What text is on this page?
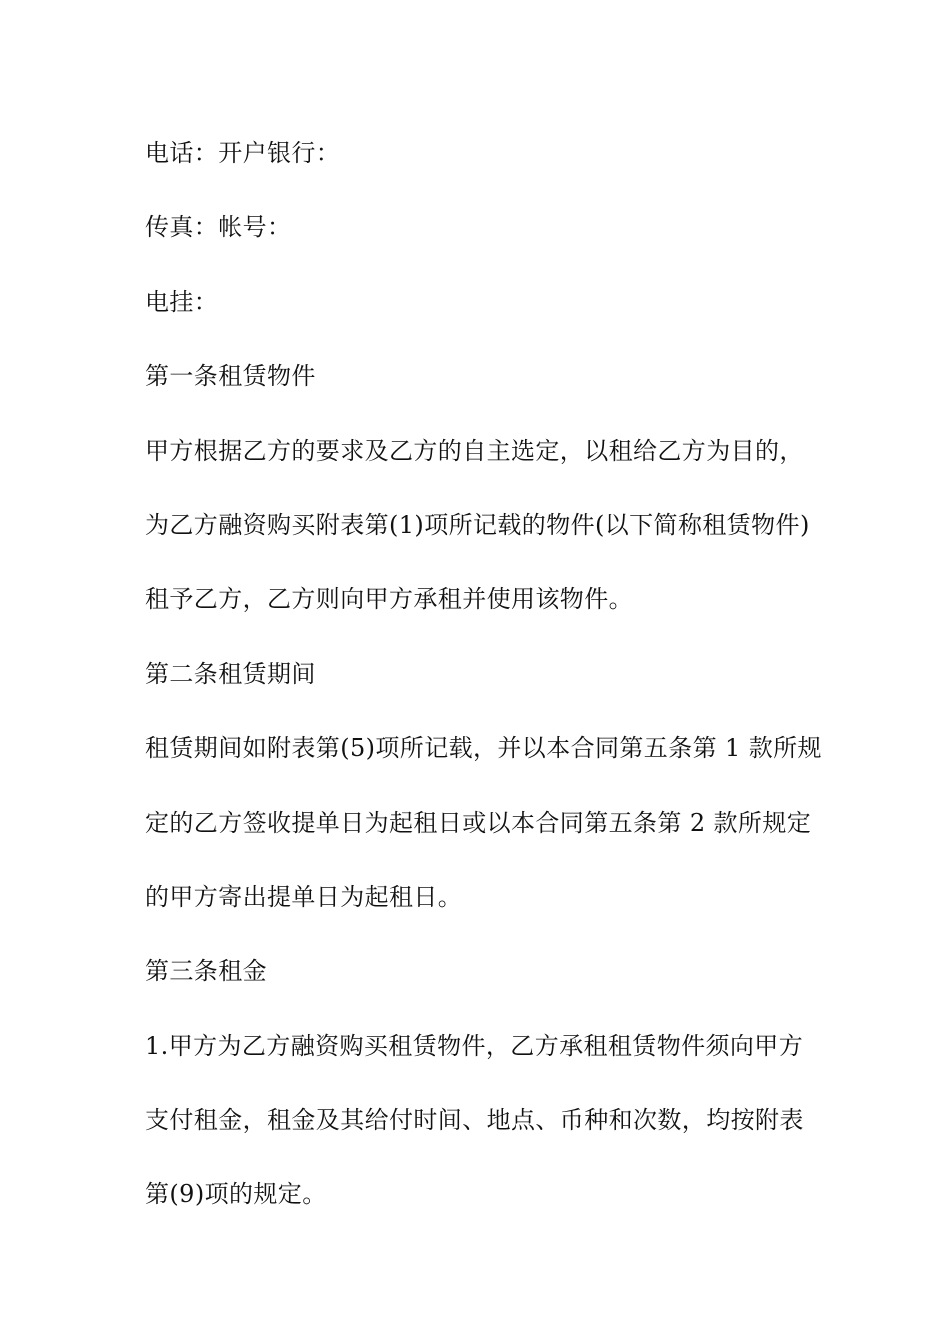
电话：开户银行：
传真：帐号：
电挂：
第一条租赁物件
甲方根据乙方的要求及乙方的自主选定，以租给乙方为目的，
为乙方融资购买附表第(1)项所记载的物件(以下简称租赁物件)
租予乙方，乙方则向甲方承租并使用该物件。
第二条租赁期间
租赁期间如附表第(5)项所记载，并以本合同第五条第 1 款所规
定的乙方签收提单日为起租日或以本合同第五条第 2 款所规定
的甲方寄出提单日为起租日。
第三条租金
1.甲方为乙方融资购买租赁物件，乙方承租租赁物件须向甲方
支付租金，租金及其给付时间、地点、币种和次数，均按附表
第(9)项的规定。
